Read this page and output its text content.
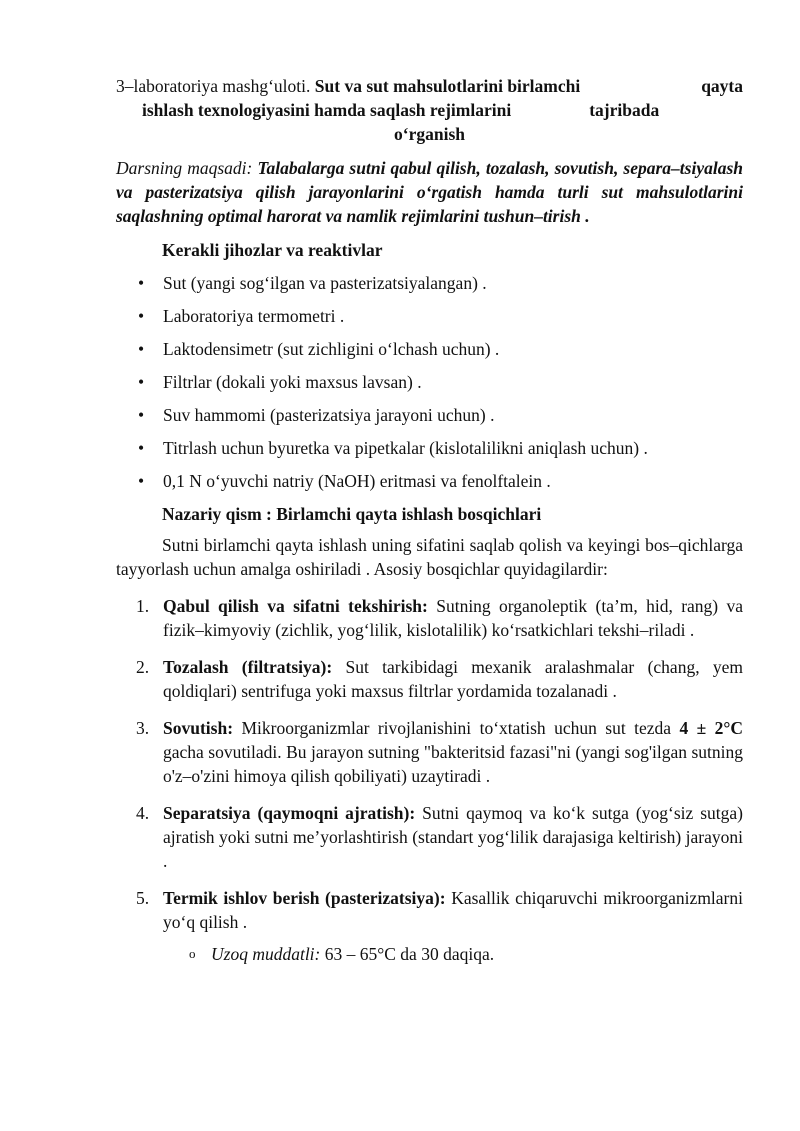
3–laboratoriya mashg‘uloti. Sut va sut mahsulotlarini birlamchi	qayta

ishlash texnologiyasini hamda saqlash rejimlarini	tajribada

o‘rganish

Darsning maqsadi: Talabalarga sutni qabul qilish, tozalash, sovutish, separa–tsiyalash va pasterizatsiya qilish jarayonlarini o‘rgatish hamda turli sut mahsulotlarini saqlashning optimal harorat va namlik rejimlarini tushun–tirish .

Kerakli jihozlar va reaktivlar

• Sut (yangi sog‘ilgan va pasterizatsiyalangan) .
• Laboratoriya termometri .
• Laktodensimetr (sut zichligini o‘lchash uchun) .
• Filtrlar (dokali yoki maxsus lavsan) .
• Suv hammomi (pasterizatsiya jarayoni uchun) .
• Titrlash uchun byuretka va pipetkalar (kislotalilikni aniqlash uchun) .
• 0,1 N o‘yuvchi natriy (NaOH) eritmasi va fenolftalein .

Nazariy qism : Birlamchi qayta ishlash bosqichlari

Sutni birlamchi qayta ishlash uning sifatini saqlab qolish va keyingi bos–qichlarga tayyorlash uchun amalga oshiriladi . Asosiy bosqichlar quyidagilardir:

1. Qabul qilish va sifatni tekshirish: Sutning organoleptik (ta’m, hid, rang) va fizik–kimyoviy (zichlik, yog‘lilik, kislotalilik) ko‘rsatkichlari tekshi–riladi .
2. Tozalash (filtratsiya): Sut tarkibidagi mexanik aralashmalar (chang, yem qoldiqlari) sentrifuga yoki maxsus filtrlar yordamida tozalanadi .
3. Sovutish: Mikroorganizmlar rivojlanishini to‘xtatish uchun sut tezda 4 ± 2°C gacha sovutiladi. Bu jarayon sutning "bakteritsid fazasi"ni (yangi sog'ilgan sutning o'z–o'zini himoya qilish qobiliyati) uzaytiradi .
4. Separatsiya (qaymoqni ajratish): Sutni qaymoq va ko‘k sutga (yog‘siz sutga) ajratish yoki sutni me’yorlashtirish (standart yog‘lilik darajasiga keltirish) jarayoni .
5. Termik ishlov berish (pasterizatsiya): Kasallik chiqaruvchi mikroorganizmlarni yo‘q qilish .
o Uzoq muddatli: 63 – 65°C da 30 daqiqa.
